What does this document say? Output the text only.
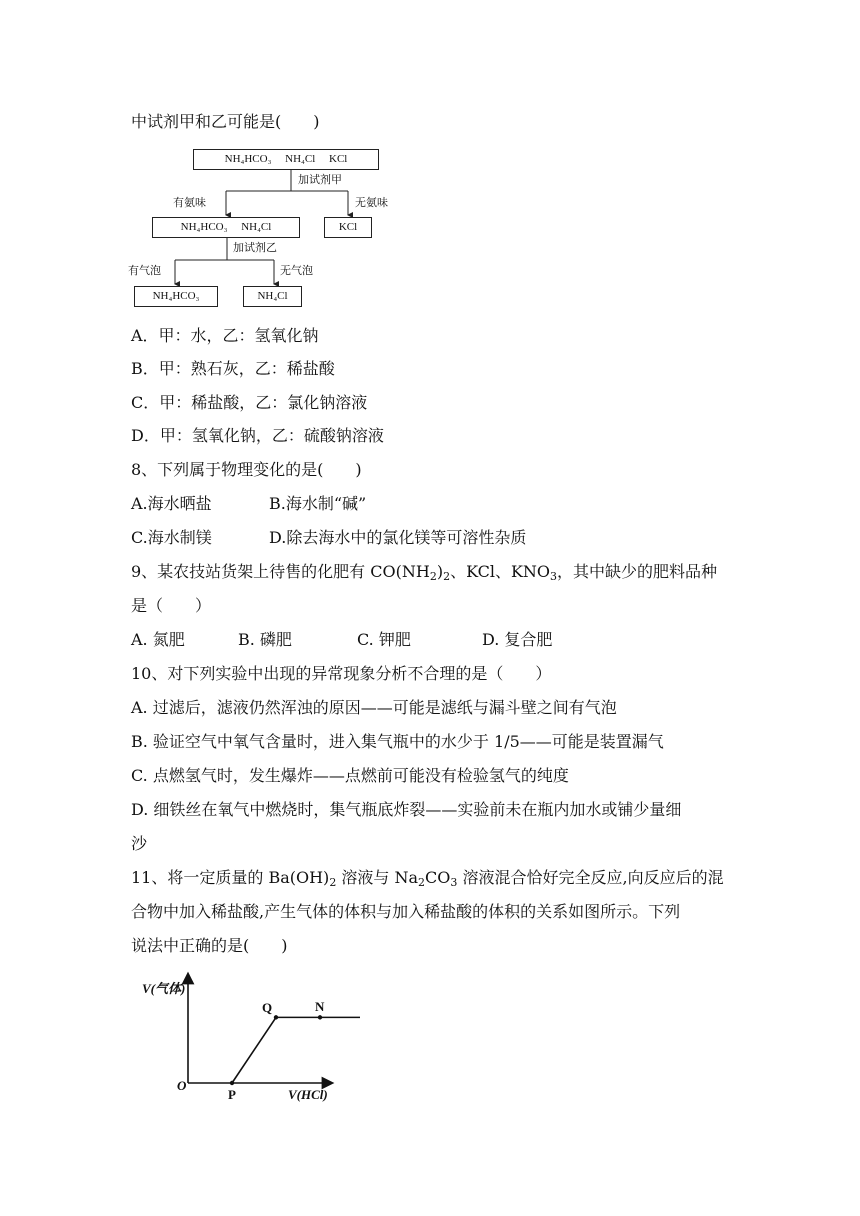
中试剂甲和乙可能是(　　)
NH₄HCO₃　 NH₄Cl　 KCl
NH₄HCO₃　 NH₄Cl	KCl
NH₄HCO₃	NH₄Cl
加试剂甲
有氨味	无氨味
加试剂乙
有气泡	无气泡
A．甲：水，乙：氢氧化钠
B．甲：熟石灰，乙：稀盐酸
C．甲：稀盐酸，乙：氯化钠溶液
D．甲：氢氧化钠，乙：硫酸钠溶液
8、下列属于物理变化的是(　　)
A.海水晒盐	B.海水制“碱”
C.海水制镁	D.除去海水中的氯化镁等可溶性杂质
9、某农技站货架上待售的化肥有 $CO(NH_2)_2$、KCl、$KNO_3$，其中缺少的肥料品种
是（　　）
A. 氮肥	B. 磷肥	C. 钾肥	D. 复合肥
10、对下列实验中出现的异常现象分析不合理的是（　　）
A. 过滤后，滤液仍然浑浊的原因——可能是滤纸与漏斗壁之间有气泡
B. 验证空气中氧气含量时，进入集气瓶中的水少于 1/5——可能是装置漏气
C. 点燃氢气时，发生爆炸——点燃前可能没有检验氢气的纯度
D. 细铁丝在氧气中燃烧时，集气瓶底炸裂——实验前未在瓶内加水或铺少量细
沙
11、将一定质量的 $Ba(OH)_2$ 溶液与 $Na_2CO_3$ 溶液混合恰好完全反应,向反应后的混
合物中加入稀盐酸,产生气体的体积与加入稀盐酸的体积的关系如图所示。下列
说法中正确的是(　　)
V(气体)
V(HCl)
O
P
Q	N
